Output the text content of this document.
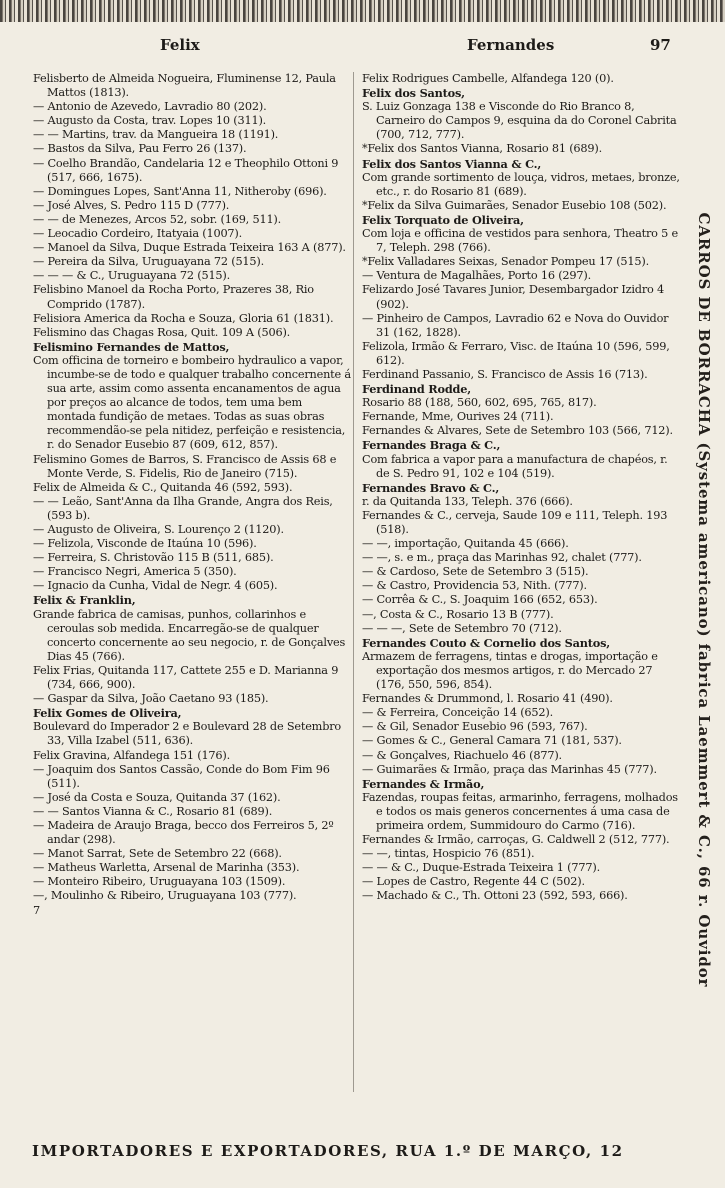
Felix	Fernandes	97

Felisberto de Almeida Nogueira, Fluminense 12, Paula Mattos (1813).

— Antonio de Azevedo, Lavradio 80 (202).

— Augusto da Costa, trav. Lopes 10 (311).

— — Martins, trav. da Mangueira 18 (1191).

— Bastos da Silva, Pau Ferro 26 (137).

— Coelho Brandão, Candelaria 12 e Theophilo Ottoni 9 (517, 666, 1675).

— Domingues Lopes, Sant'Anna 11, Nitheroby (696).

— José Alves, S. Pedro 115 D (777).

— — de Menezes, Arcos 52, sobr. (169, 511).

— Leocadio Cordeiro, Itatyaia (1007).

— Manoel da Silva, Duque Estrada Teixeira 163 A (877).

— Pereira da Silva, Uruguayana 72 (515).

— — — & C., Uruguayana 72 (515).

Felisbino Manoel da Rocha Porto, Prazeres 38, Rio Comprido (1787).

Felisiora America da Rocha e Souza, Gloria 61 (1831).

Felismino das Chagas Rosa, Quit. 109 A (506).

Felismino Fernandes de Mattos,

Com officina de torneiro e bombeiro hydraulico a vapor, incumbe-se de todo e qualquer trabalho concernente á sua arte, assim como assenta encanamentos de agua por preços ao alcance de todos, tem uma bem montada fundição de metaes. Todas as suas obras recommendão-se pela nitidez, perfeição e resistencia, r. do Senador Eusebio 87 (609, 612, 857).

Felismino Gomes de Barros, S. Francisco de Assis 68 e Monte Verde, S. Fidelis, Rio de Janeiro (715).

Felix de Almeida & C., Quitanda 46 (592, 593).

— — Leão, Sant'Anna da Ilha Grande, Angra dos Reis, (593 b).

— Augusto de Oliveira, S. Lourenço 2 (1120).

— Felizola, Visconde de Itaúna 10 (596).

— Ferreira, S. Christovão 115 B (511, 685).

— Francisco Negri, America 5 (350).

— Ignacio da Cunha, Vidal de Negr. 4 (605).

Felix & Franklin,

Grande fabrica de camisas, punhos, collarinhos e ceroulas sob medida. Encarregão-se de qualquer concerto concernente ao seu negocio, r. de Gonçalves Dias 45 (766).

Felix Frias, Quitanda 117, Cattete 255 e D. Marianna 9 (734, 666, 900).

— Gaspar da Silva, João Caetano 93 (185).

Felix Gomes de Oliveira,

Boulevard do Imperador 2 e Boulevard 28 de Setembro 33, Villa Izabel (511, 636).

Felix Gravina, Alfandega 151 (176).

— Joaquim dos Santos Cassão, Conde do Bom Fim 96 (511).

— José da Costa e Souza, Quitanda 37 (162).

— — Santos Vianna & C., Rosario 81 (689).

— Madeira de Araujo Braga, becco dos Ferreiros 5, 2º andar (298).

— Manot Sarrat, Sete de Setembro 22 (668).

— Matheus Warletta, Arsenal de Marinha (353).

— Monteiro Ribeiro, Uruguayana 103 (1509).

—, Moulinho & Ribeiro, Uruguayana 103 (777).

7

Felix Rodrigues Cambelle, Alfandega 120 (0).

Felix dos Santos,

S. Luiz Gonzaga 138 e Visconde do Rio Branco 8, Carneiro do Campos 9, esquina da do Coronel Cabrita (700, 712, 777).

*Felix dos Santos Vianna, Rosario 81 (689).

Felix dos Santos Vianna & C.,

Com grande sortimento de louça, vidros, metaes, bronze, etc., r. do Rosario 81 (689).

*Felix da Silva Guimarães, Senador Eusebio 108 (502).

Felix Torquato de Oliveira,

Com loja e officina de vestidos para senhora, Theatro 5 e 7, Teleph. 298 (766).

*Felix Valladares Seixas, Senador Pompeu 17 (515).

— Ventura de Magalhães, Porto 16 (297).

Felizardo José Tavares Junior, Desembargador Izidro 4 (902).

— Pinheiro de Campos, Lavradio 62 e Nova do Ouvidor 31 (162, 1828).

Felizola, Irmão & Ferraro, Visc. de Itaúna 10 (596, 599, 612).

Ferdinand Passanio, S. Francisco de Assis 16 (713).

Ferdinand Rodde,

Rosario 88 (188, 560, 602, 695, 765, 817).

Fernande, Mme, Ourives 24 (711).

Fernandes & Alvares, Sete de Setembro 103 (566, 712).

Fernandes Braga & C.,

Com fabrica a vapor para a manufactura de chapéos, r. de S. Pedro 91, 102 e 104 (519).

Fernandes Bravo & C.,

r. da Quitanda 133, Teleph. 376 (666).

Fernandes & C., cerveja, Saude 109 e 111, Teleph. 193 (518).

— —, importação, Quitanda 45 (666).

— —, s. e m., praça das Marinhas 92, chalet (777).

— & Cardoso, Sete de Setembro 3 (515).

— & Castro, Providencia 53, Nith. (777).

— Corrêa & C., S. Joaquim 166 (652, 653).

—, Costa & C., Rosario 13 B (777).

— — —, Sete de Setembro 70 (712).

Fernandes Couto & Cornelio dos Santos,

Armazem de ferragens, tintas e drogas, importação e exportação dos mesmos artigos, r. do Mercado 27 (176, 550, 596, 854).

Fernandes & Drummond, l. Rosario 41 (490).

— & Ferreira, Conceição 14 (652).

— & Gil, Senador Eusebio 96 (593, 767).

— Gomes & C., General Camara 71 (181, 537).

— & Gonçalves, Riachuelo 46 (877).

— Guimarães & Irmão, praça das Marinhas 45 (777).

Fernandes & Irmão,

Fazendas, roupas feitas, armarinho, ferragens, molhados e todos os mais generos concernentes á uma casa de primeira ordem, Summidouro do Carmo (716).

Fernandes & Irmão, carroças, G. Caldwell 2 (512, 777).

— —, tintas, Hospicio 76 (851).

— — & C., Duque-Estrada Teixeira 1 (777).

— Lopes de Castro, Regente 44 C (502).

— Machado & C., Th. Ottoni 23 (592, 593, 666).	CARROS DE BORRACHA (Systema americano) fabrica Laemmert & C., 66 r. Ouvidor
IMPORTADORES E EXPORTADORES, RUA 1.º DE MARÇO, 12
